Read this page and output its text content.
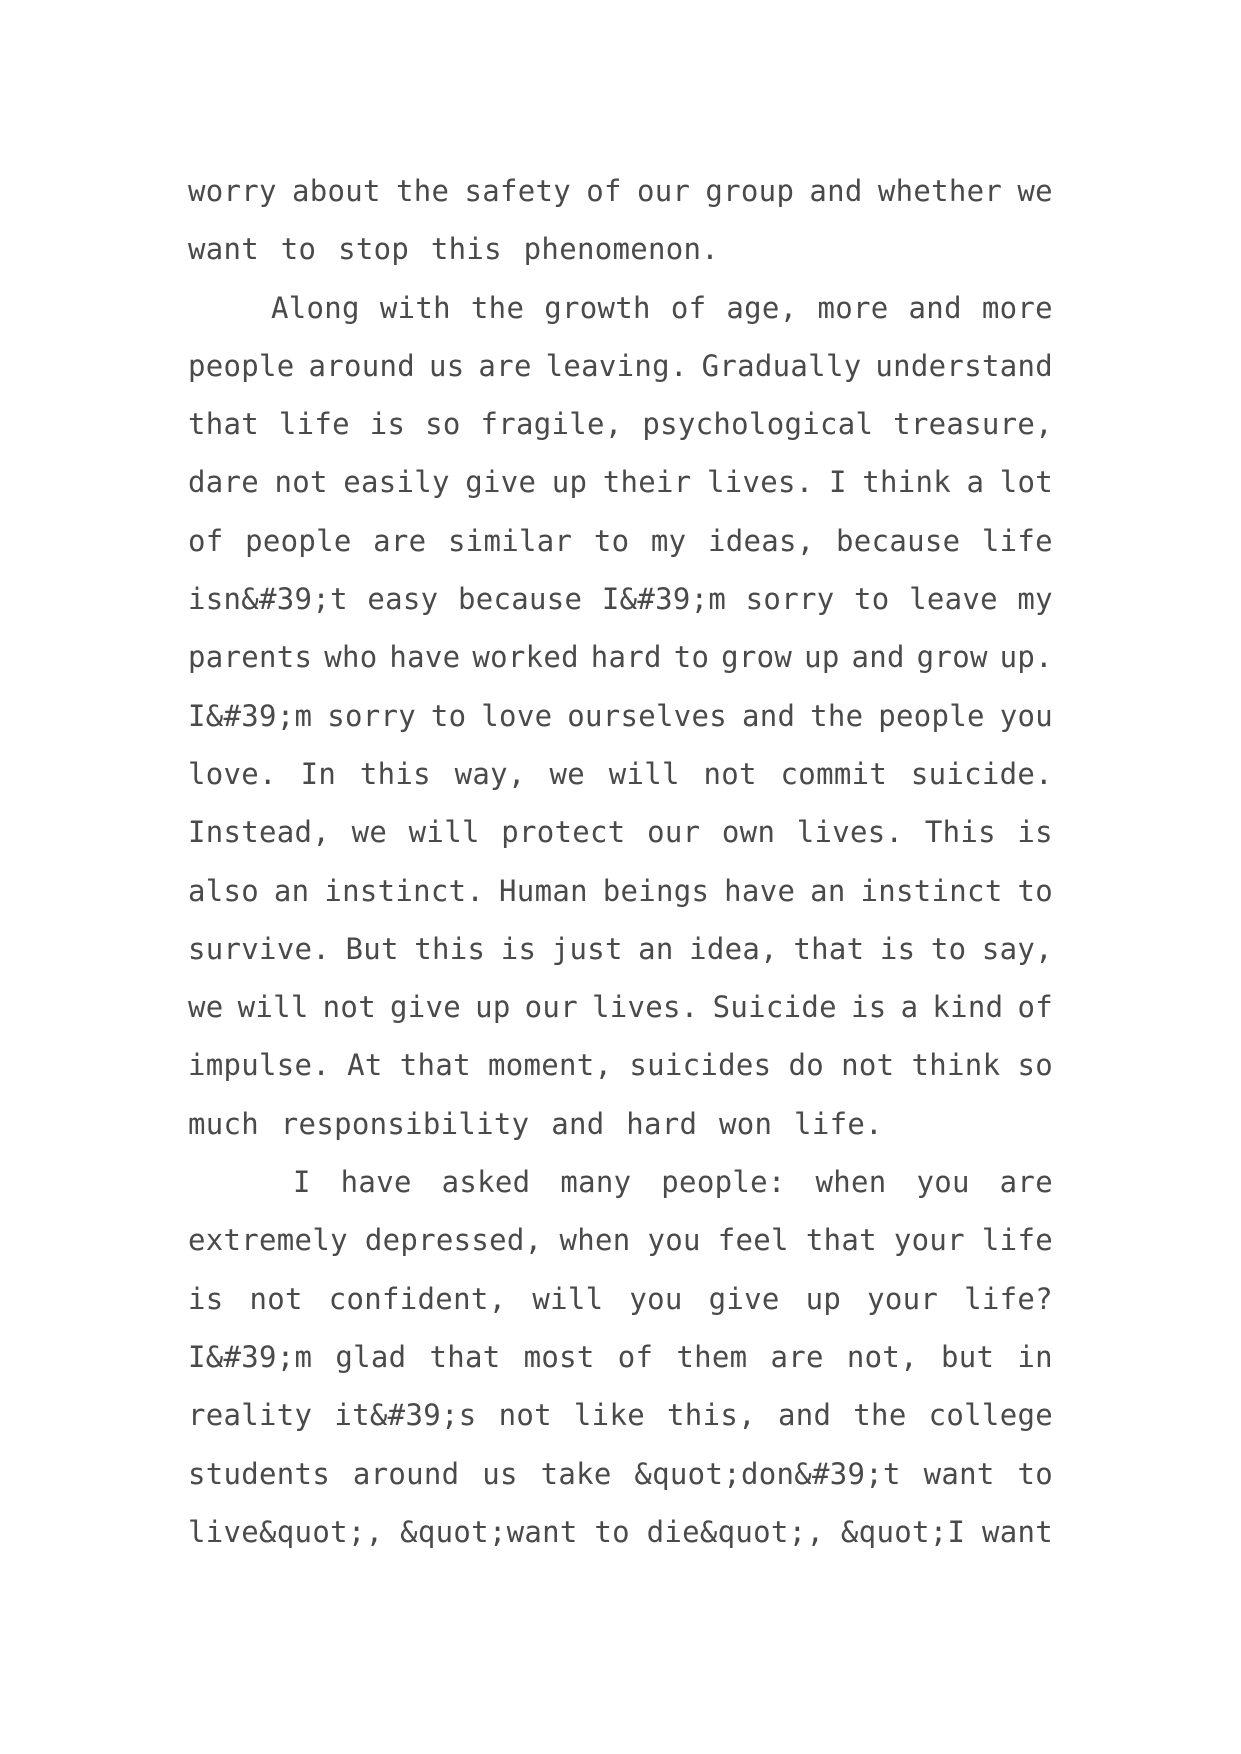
worry about the safety of our group and whether we
want to stop this phenomenon.
Along with the growth of age, more and more
people around us are leaving. Gradually understand
that life is so fragile, psychological treasure,
dare not easily give up their lives. I think a lot
of people are similar to my ideas, because life
isn&#39;t easy because I&#39;m sorry to leave my
parents who have worked hard to grow up and grow up.
I&#39;m sorry to love ourselves and the people you
love. In this way, we will not commit suicide.
Instead, we will protect our own lives. This is
also an instinct. Human beings have an instinct to
survive. But this is just an idea, that is to say,
we will not give up our lives. Suicide is a kind of
impulse. At that moment, suicides do not think so
much responsibility and hard won life.
I have asked many people: when you are
extremely depressed, when you feel that your life
is not confident, will you give up your life?
I&#39;m glad that most of them are not, but in
reality it&#39;s not like this, and the college
students around us take &quot;don&#39;t want to
live&quot;, &quot;want to die&quot;, &quot;I want
